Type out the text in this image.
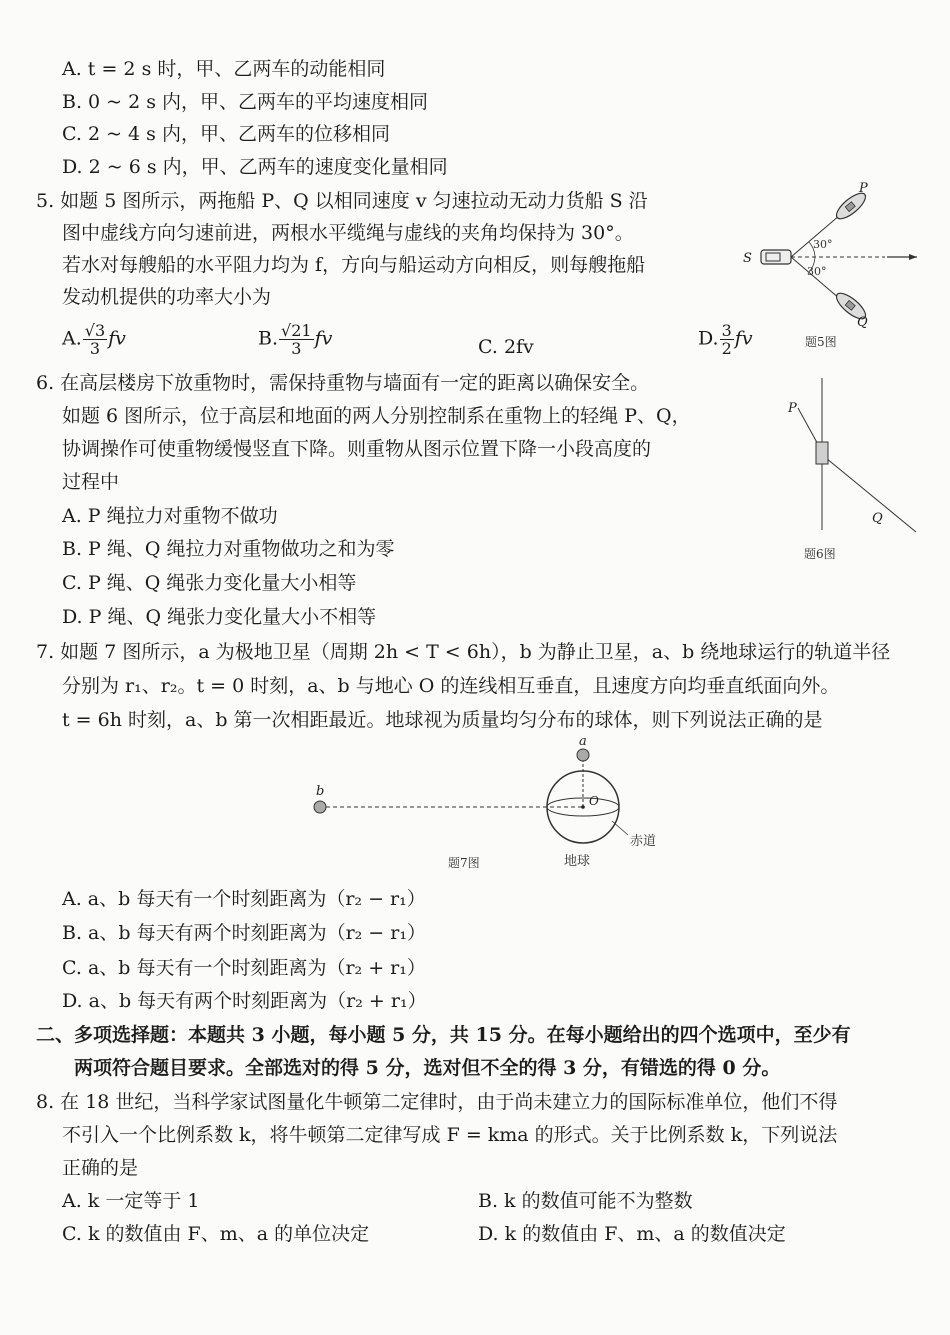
A. t = 2 s 时，甲、乙两车的动能相同
B. 0 ~ 2 s 内，甲、乙两车的平均速度相同
C. 2 ~ 4 s 内，甲、乙两车的位移相同
D. 2 ~ 6 s 内，甲、乙两车的速度变化量相同
5. 如题 5 图所示，两拖船 P、Q 以相同速度 v 匀速拉动无动力货船 S 沿
图中虚线方向匀速前进，两根水平缆绳与虚线的夹角均保持为 30°。
若水对每艘船的水平阻力均为 f，方向与船运动方向相反，则每艘拖船
发动机提供的功率大小为
A. $\frac{√3}{3}$ fv	B. $\frac{√21}{3}$ fv	C. 2fv	D. $\frac{3}{2}$ fv
P
Q
S
30°
30°
题5图
6. 在高层楼房下放重物时，需保持重物与墙面有一定的距离以确保安全。
如题 6 图所示，位于高层和地面的两人分别控制系在重物上的轻绳 P、Q，
协调操作可使重物缓慢竖直下降。则重物从图示位置下降一小段高度的
过程中
A. P 绳拉力对重物不做功
B. P 绳、Q 绳拉力对重物做功之和为零
C. P 绳、Q 绳张力变化量大小相等
D. P 绳、Q 绳张力变化量大小不相等
P
Q
题6图
7. 如题 7 图所示，a 为极地卫星（周期 2h < T < 6h），b 为静止卫星，a、b 绕地球运行的轨道半径
分别为 r₁、r₂。t = 0 时刻，a、b 与地心 O 的连线相互垂直，且速度方向均垂直纸面向外。
t = 6h 时刻，a、b 第一次相距最近。地球视为质量均匀分布的球体，则下列说法正确的是
b
a
O
赤道
地球
题7图
A. a、b 每天有一个时刻距离为（r₂ − r₁）
B. a、b 每天有两个时刻距离为（r₂ − r₁）
C. a、b 每天有一个时刻距离为（r₂ + r₁）
D. a、b 每天有两个时刻距离为（r₂ + r₁）
二、多项选择题：本题共 3 小题，每小题 5 分，共 15 分。在每小题给出的四个选项中，至少有
两项符合题目要求。全部选对的得 5 分，选对但不全的得 3 分，有错选的得 0 分。
8. 在 18 世纪，当科学家试图量化牛顿第二定律时，由于尚未建立力的国际标准单位，他们不得
不引入一个比例系数 k，将牛顿第二定律写成 F = kma 的形式。关于比例系数 k，下列说法
正确的是
A. k 一定等于 1	B. k 的数值可能不为整数
C. k 的数值由 F、m、a 的单位决定	D. k 的数值由 F、m、a 的数值决定
